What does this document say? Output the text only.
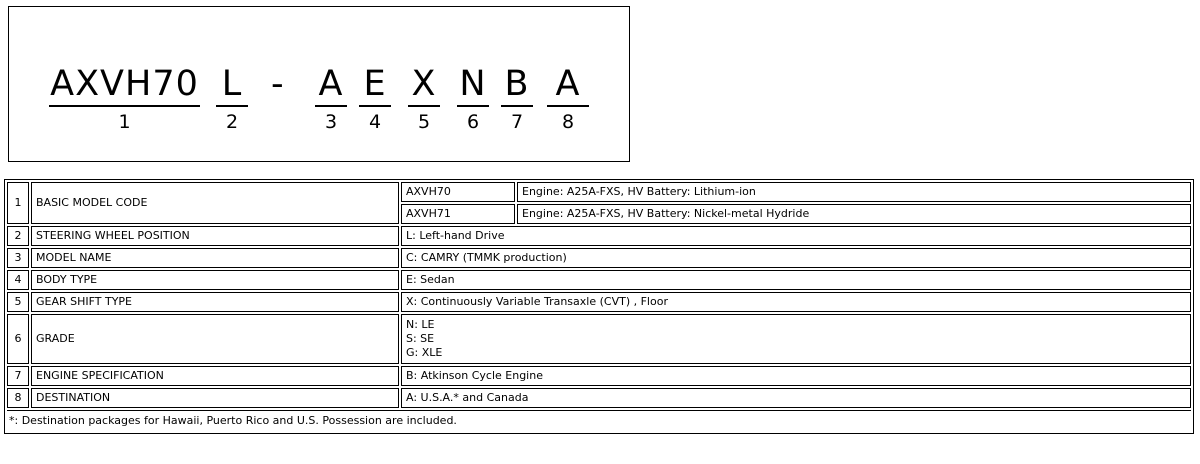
AXVH70
1
L
2
- A
3
E
4
X
5
N
6
B
7
A
8
1	BASIC MODEL CODE	AXVH70	Engine: A25A-FXS, HV Battery: Lithium-ion
		AXVH71	Engine: A25A-FXS, HV Battery: Nickel-metal Hydride
2	STEERING WHEEL POSITION	L: Left-hand Drive	
3	MODEL NAME	C: CAMRY (TMMK production)	
4	BODY TYPE	E: Sedan	
5	GEAR SHIFT TYPE	X: Continuously Variable Transaxle (CVT) , Floor	
6	GRADE	N: LE
S: SE
G: XLE	

7	ENGINE SPECIFICATION	B: Atkinson Cycle Engine	
8	DESTINATION	A: U.S.A.* and Canada	
*: Destination packages for Hawaii, Puerto Rico and U.S. Possession are included.			
